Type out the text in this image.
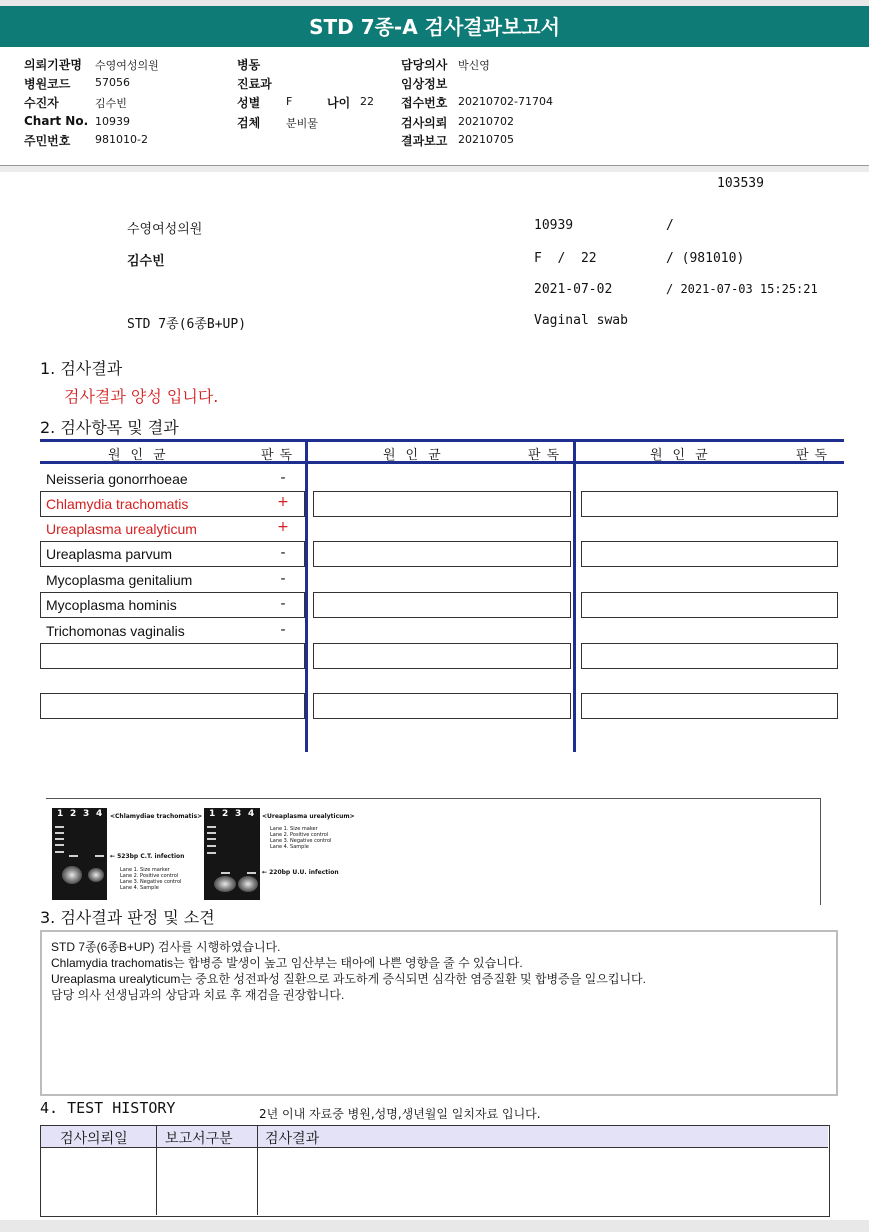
STD 7종-A 검사결과보고서
의뢰기관명 수영여성의원
병원코드 57056
수진자	김수빈
Chart No. 10939
주민번호 981010-2
병동
진료과
성별 F	나이 22
검체 분비물
담당의사 박신영
임상정보
접수번호 20210702-71704
검사의뢰 20210702
결과보고 20210705
103539
수영여성의원	10939	/
김수빈	F  /  22	/ (981010)
2021-07-02	/ 2021-07-03 15:25:21
STD 7종(6종B+UP)	Vaginal swab
1. 검사결과
검사결과 양성 입니다.
2. 검사항목 및 결과
원인균	판독	원인균	판독	원인균	판독
Neisseria gonorrhoeae	-
Chlamydia trachomatis	+
Ureaplasma urealyticum	+
Ureaplasma parvum	-
Mycoplasma genitalium	-
Mycoplasma hominis	-
Trichomonas vaginalis	-
1 2 3 4	1 2 3 4
<Chlamydiae trachomatis>	<Ureaplasma urealyticum>
← 523bp C.T. infection
← 220bp U.U. infection
Lane 1. Size marker
Lane 2. Positive control
Lane 3. Negative control
Lane 4. Sample
Lane 1. Size maker
Lane 2. Positive control
Lane 3. Negative control
Lane 4. Sample
3. 검사결과 판정 및 소견
STD 7종(6종B+UP) 검사를 시행하였습니다.
Chlamydia trachomatis는 합병증 발생이 높고 임산부는 태아에 나쁜 영향을 줄 수 있습니다.
Ureaplasma urealyticum는 중요한 성전파성 질환으로 과도하게 증식되면 심각한 염증질환 및 합병증을 일으킵니다.
담당 의사 선생님과의 상담과 치료 후 재검을 권장합니다.
4. TEST HISTORY	2년 이내 자료중 병원,성명,생년월일 일치자료 입니다.
검사의뢰일	보고서구분 검사결과
